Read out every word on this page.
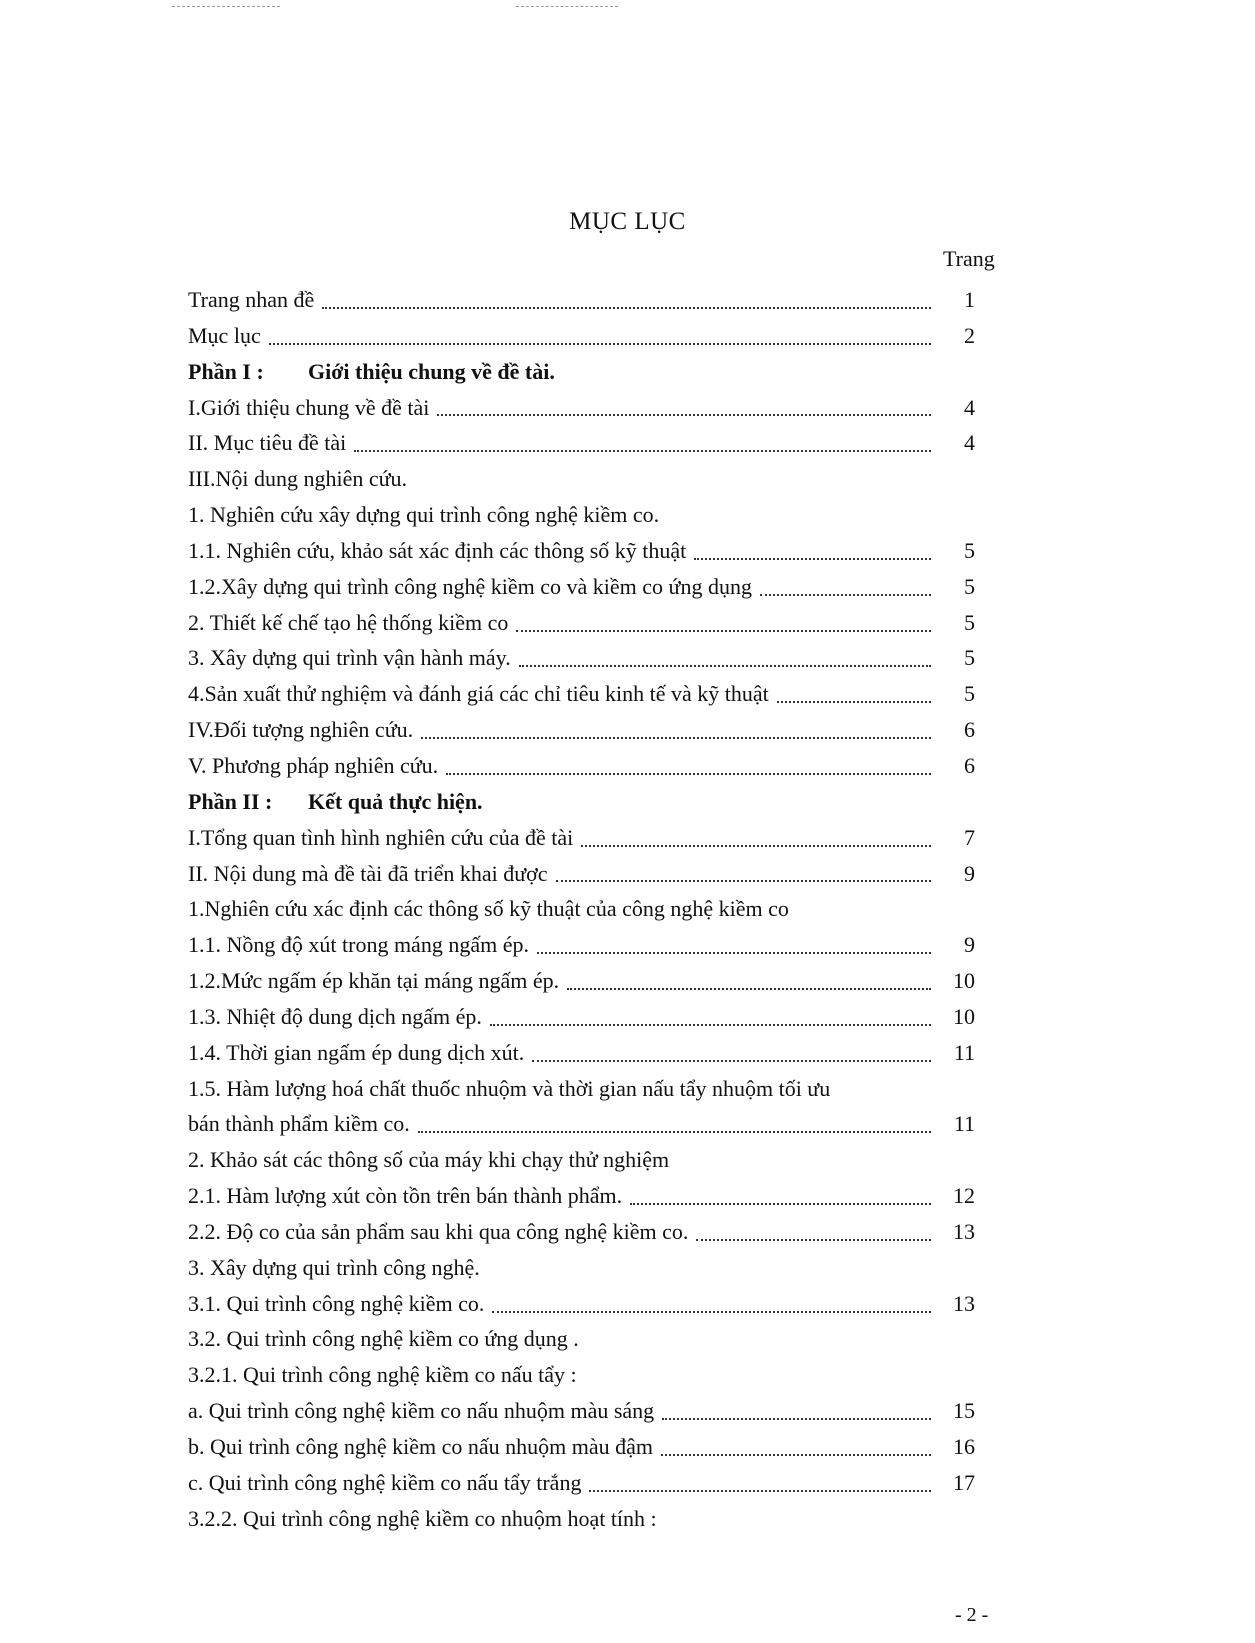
MỤC LỤC
Trang
Trang nhan đề	1
Mục lục	2
Phần I :	Giới thiệu chung về đề tài.
I.Giới thiệu chung về đề tài	4
II. Mục tiêu đề tài	4
III.Nội dung nghiên cứu.
1. Nghiên cứu xây dựng qui trình công nghệ kiềm co.
1.1. Nghiên cứu, khảo sát xác định các thông số kỹ thuật	5
1.2.Xây dựng qui trình công nghệ kiềm co và kiềm co ứng dụng	5
2. Thiết kế chế tạo hệ thống kiềm co	5
3. Xây dựng qui trình vận hành máy.	5
4.Sản xuất thử nghiệm và đánh giá các chỉ tiêu kinh tế và kỹ thuật	5
IV.Đối tượng nghiên cứu.	6
V. Phương pháp nghiên cứu.	6
Phần II :	Kết quả thực hiện.
I.Tổng quan tình hình nghiên cứu của đề tài	7
II. Nội dung mà đề tài đã triển khai được	9
1.Nghiên cứu xác định các thông số kỹ thuật của công nghệ kiềm co
1.1. Nồng độ xút trong máng ngấm ép.	9
1.2.Mức ngấm ép khăn tại máng ngấm ép.	10
1.3. Nhiệt độ dung dịch ngấm ép.	10
1.4. Thời gian ngấm ép dung dịch xút.	11
1.5. Hàm lượng hoá chất thuốc nhuộm và thời gian nấu tẩy nhuộm tối ưu
bán thành phẩm kiềm co.	11
2. Khảo sát các thông số của máy khi chạy thử nghiệm
2.1. Hàm lượng xút còn tồn trên bán thành phẩm.	12
2.2. Độ co của sản phẩm sau khi qua công nghệ kiềm co.	13
3. Xây dựng qui trình công nghệ.
3.1. Qui trình công nghệ kiềm co.	13
3.2. Qui trình công nghệ kiềm co ứng dụng .
3.2.1. Qui trình công nghệ kiềm co nấu tẩy :
a. Qui trình công nghệ kiềm co nấu nhuộm màu sáng	15
b. Qui trình công nghệ kiềm co nấu nhuộm màu đậm	16
c. Qui trình công nghệ kiềm co nấu tẩy trắng	17
3.2.2. Qui trình công nghệ kiềm co nhuộm hoạt tính :
- 2 -
